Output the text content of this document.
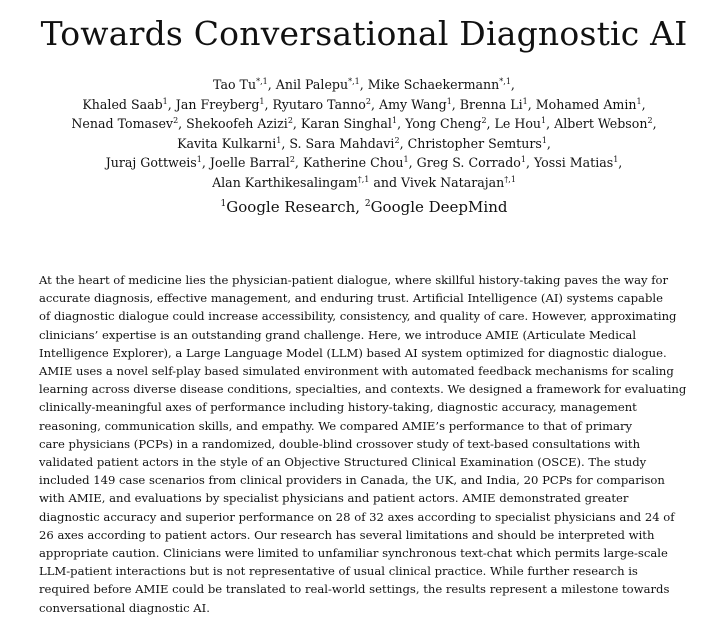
Towards Conversational Diagnostic AI
Tao $Tu^{*,1}$, Anil Palepu$^{*,1}$, Mike Schaekermann$^{*,1}$,
Khaled Saab$^1$, Jan Freyberg$^1$, Ryutaro Tanno$^2$, Amy Wang$^1$, Brenna Li$^1$, Mohamed Amin$^1$,
Nenad Tomasev$^2$, Shekoofeh Azizi$^2$, Karan Singhal$^1$, Yong Cheng$^2$, Le Hou$^1$, Albert Webson$^2$,
Kavita Kulkarni$^1$, S. Sara Mahdavi$^2$, Christopher Semturs$^1$,
Juraj Gottweis$^1$, Joelle Barral$^2$, Katherine Chou$^1$, Greg S. Corrado$^1$, Yossi Matias$^1$,
Alan Karthikesalingam$^{\dagger,1}$ and Vivek Natarajan$^{\dagger,1}$
$^1$Google Research, $^2$Google DeepMind
At the heart of medicine lies the physician-patient dialogue, where skillful history-taking paves the way for
accurate diagnosis, effective management, and enduring trust. Artificial Intelligence (AI) systems capable
of diagnostic dialogue could increase accessibility, consistency, and quality of care. However, approximating
clinicians’ expertise is an outstanding grand challenge. Here, we introduce AMIE (Articulate Medical
Intelligence Explorer), a Large Language Model (LLM) based AI system optimized for diagnostic dialogue.
AMIE uses a novel self-play based simulated environment with automated feedback mechanisms for scaling
learning across diverse disease conditions, specialties, and contexts. We designed a framework for evaluating
clinically-meaningful axes of performance including history-taking, diagnostic accuracy, management
reasoning, communication skills, and empathy. We compared AMIE’s performance to that of primary
care physicians (PCPs) in a randomized, double-blind crossover study of text-based consultations with
validated patient actors in the style of an Objective Structured Clinical Examination (OSCE). The study
included 149 case scenarios from clinical providers in Canada, the UK, and India, 20 PCPs for comparison
with AMIE, and evaluations by specialist physicians and patient actors. AMIE demonstrated greater
diagnostic accuracy and superior performance on 28 of 32 axes according to specialist physicians and 24 of
26 axes according to patient actors. Our research has several limitations and should be interpreted with
appropriate caution. Clinicians were limited to unfamiliar synchronous text-chat which permits large-scale
LLM-patient interactions but is not representative of usual clinical practice. While further research is
required before AMIE could be translated to real-world settings, the results represent a milestone towards
conversational diagnostic AI.
